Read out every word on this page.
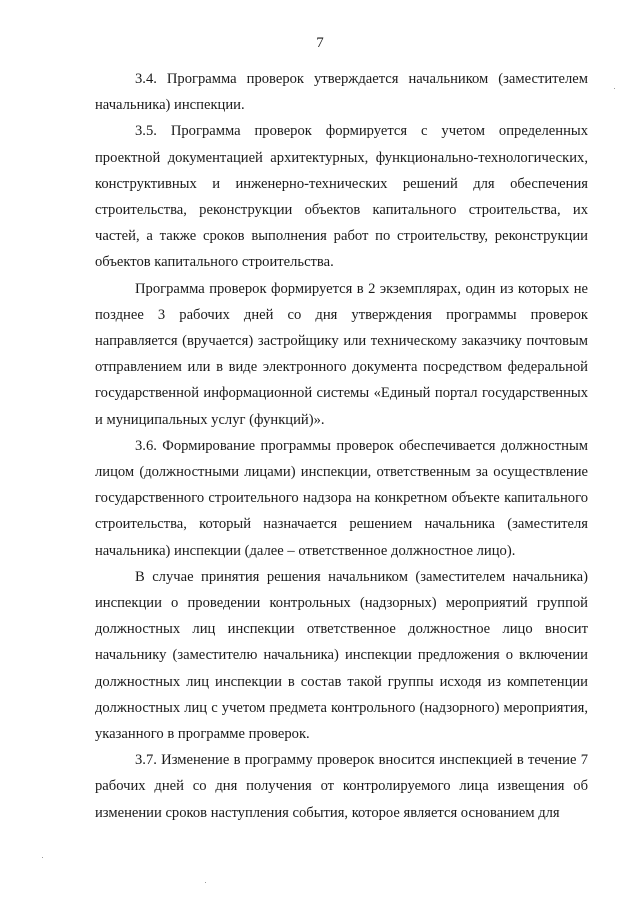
7

3.4. Программа проверок утверждается начальником (заместителем начальника) инспекции.

3.5. Программа проверок формируется с учетом определенных проектной документацией архитектурных, функционально-технологических, конструктивных и инженерно-технических решений для обеспечения строительства, реконструкции объектов капитального строительства, их частей, а также сроков выполнения работ по строительству, реконструкции объектов капитального строительства.

Программа проверок формируется в 2 экземплярах, один из которых не позднее 3 рабочих дней со дня утверждения программы проверок направляется (вручается) застройщику или техническому заказчику почтовым отправлением или в виде электронного документа посредством федеральной государственной информационной системы «Единый портал государственных и муниципальных услуг (функций)».

3.6. Формирование программы проверок обеспечивается должностным лицом (должностными лицами) инспекции, ответственным за осуществление государственного строительного надзора на конкретном объекте капитального строительства, который назначается решением начальника (заместителя начальника) инспекции (далее – ответственное должностное лицо).

В случае принятия решения начальником (заместителем начальника) инспекции о проведении контрольных (надзорных) мероприятий группой должностных лиц инспекции ответственное должностное лицо вносит начальнику (заместителю начальника) инспекции предложения о включении должностных лиц инспекции в состав такой группы исходя из компетенции должностных лиц с учетом предмета контрольного (надзорного) мероприятия, указанного в программе проверок.

3.7. Изменение в программу проверок вносится инспекцией в течение 7 рабочих дней со дня получения от контролируемого лица извещения об изменении сроков наступления события, которое является основанием для
